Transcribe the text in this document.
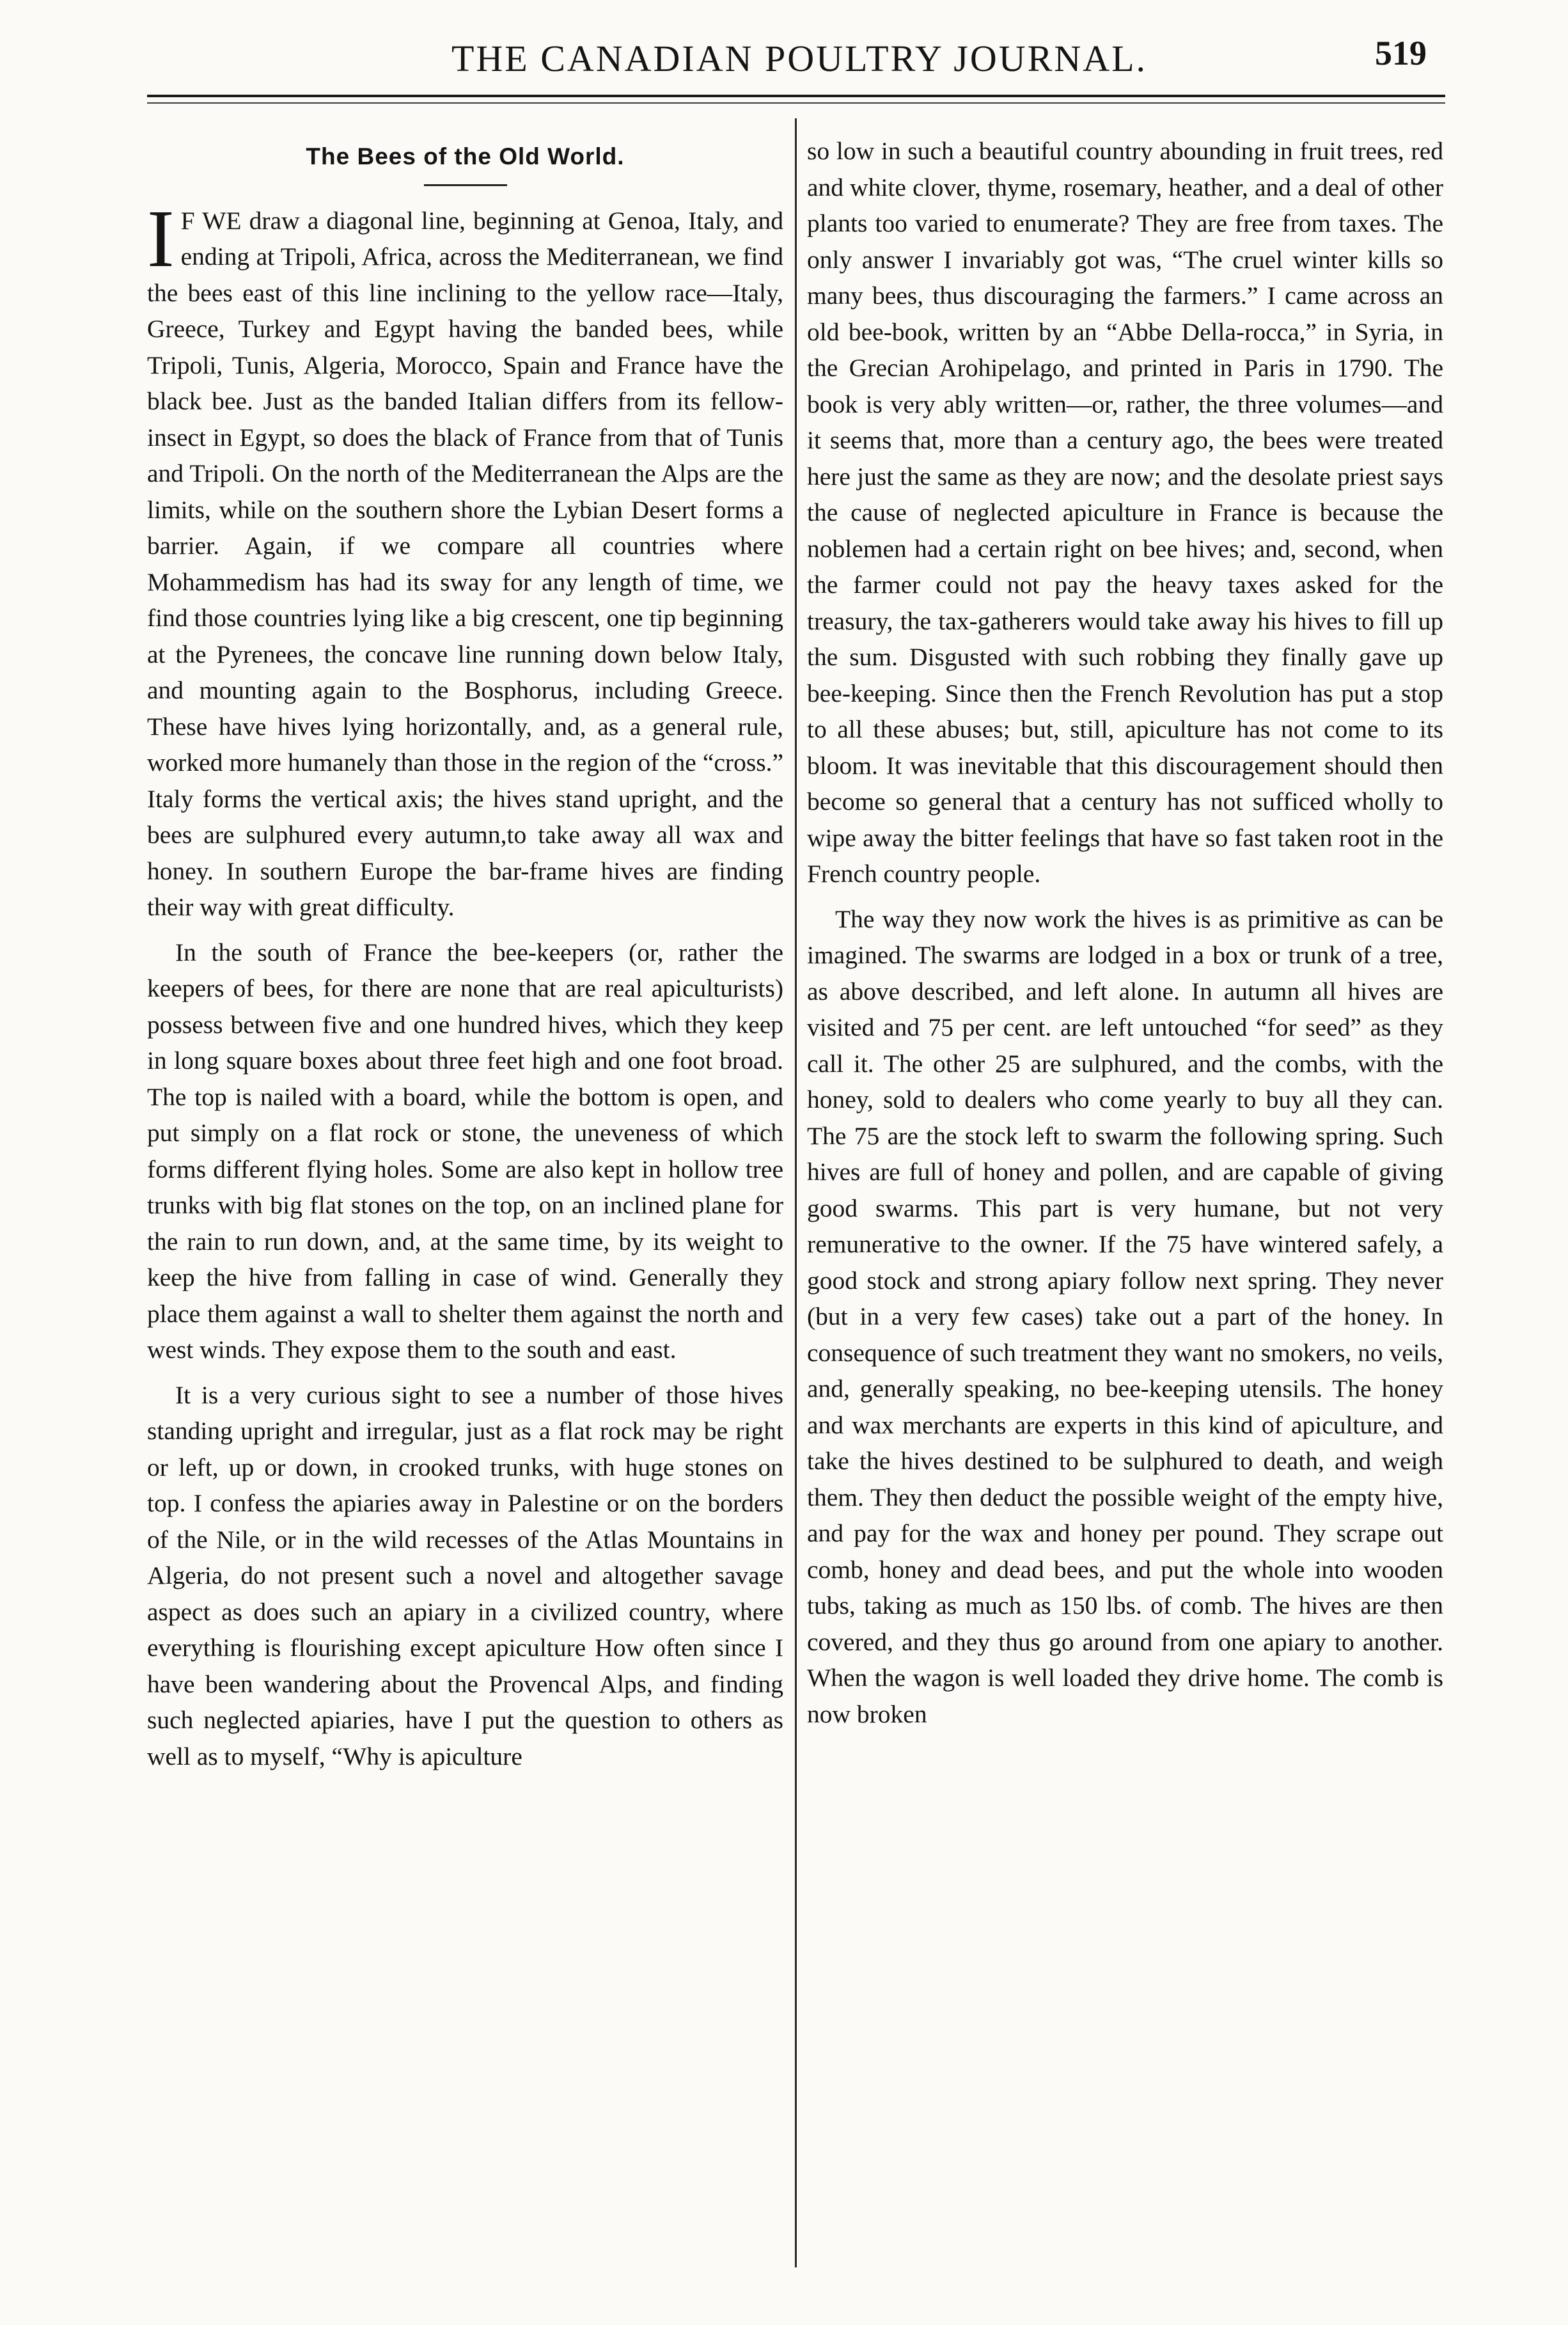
THE CANADIAN POULTRY JOURNAL.	519
The Bees of the Old World.

IF WE draw a diagonal line, beginning at Genoa, Italy, and ending at Tripoli, Africa, across the Mediterranean, we find the bees east of this line inclining to the yellow race—Italy, Greece, Turkey and Egypt having the banded bees, while Tripoli, Tunis, Algeria, Morocco, Spain and France have the black bee. Just as the banded Italian differs from its fellow-insect in Egypt, so does the black of France from that of Tunis and Tripoli. On the north of the Mediterranean the Alps are the limits, while on the southern shore the Lybian Desert forms a barrier. Again, if we compare all countries where Mohammedism has had its sway for any length of time, we find those countries lying like a big crescent, one tip beginning at the Pyrenees, the concave line running down below Italy, and mounting again to the Bosphorus, including Greece. These have hives lying horizontally, and, as a general rule, worked more humanely than those in the region of the “cross.” Italy forms the vertical axis; the hives stand upright, and the bees are sulphured every autumn,to take away all wax and honey. In southern Europe the bar-frame hives are finding their way with great difficulty.

In the south of France the bee-keepers (or, rather the keepers of bees, for there are none that are real apiculturists) possess between five and one hundred hives, which they keep in long square boxes about three feet high and one foot broad. The top is nailed with a board, while the bottom is open, and put simply on a flat rock or stone, the uneveness of which forms different flying holes. Some are also kept in hollow tree trunks with big flat stones on the top, on an inclined plane for the rain to run down, and, at the same time, by its weight to keep the hive from falling in case of wind. Generally they place them against a wall to shelter them against the north and west winds. They expose them to the south and east.

It is a very curious sight to see a number of those hives standing upright and irregular, just as a flat rock may be right or left, up or down, in crooked trunks, with huge stones on top. I confess the apiaries away in Palestine or on the borders of the Nile, or in the wild recesses of the Atlas Mountains in Algeria, do not present such a novel and altogether savage aspect as does such an apiary in a civilized country, where everything is flourishing except apiculture How often since I have been wandering about the Provencal Alps, and finding such neglected apiaries, have I put the question to others as well as to myself, “Why is apiculture

so low in such a beautiful country abounding in fruit trees, red and white clover, thyme, rosemary, heather, and a deal of other plants too varied to enumerate? They are free from taxes. The only answer I invariably got was, “The cruel winter kills so many bees, thus discouraging the farmers.” I came across an old bee-book, written by an “Abbe Della-rocca,” in Syria, in the Grecian Arohipelago, and printed in Paris in 1790. The book is very ably written—or, rather, the three volumes—and it seems that, more than a century ago, the bees were treated here just the same as they are now; and the desolate priest says the cause of neglected apiculture in France is because the noblemen had a certain right on bee hives; and, second, when the farmer could not pay the heavy taxes asked for the treasury, the tax-gatherers would take away his hives to fill up the sum. Disgusted with such robbing they finally gave up bee-keeping. Since then the French Revolution has put a stop to all these abuses; but, still, apiculture has not come to its bloom. It was inevitable that this discouragement should then become so general that a century has not sufficed wholly to wipe away the bitter feelings that have so fast taken root in the French country people.

The way they now work the hives is as primitive as can be imagined. The swarms are lodged in a box or trunk of a tree, as above described, and left alone. In autumn all hives are visited and 75 per cent. are left untouched “for seed” as they call it. The other 25 are sulphured, and the combs, with the honey, sold to dealers who come yearly to buy all they can. The 75 are the stock left to swarm the following spring. Such hives are full of honey and pollen, and are capable of giving good swarms. This part is very humane, but not very remunerative to the owner. If the 75 have wintered safely, a good stock and strong apiary follow next spring. They never (but in a very few cases) take out a part of the honey. In consequence of such treatment they want no smokers, no veils, and, generally speaking, no bee-keeping utensils. The honey and wax merchants are experts in this kind of apiculture, and take the hives destined to be sulphured to death, and weigh them. They then deduct the possible weight of the empty hive, and pay for the wax and honey per pound. They scrape out comb, honey and dead bees, and put the whole into wooden tubs, taking as much as 150 lbs. of comb. The hives are then covered, and they thus go around from one apiary to another. When the wagon is well loaded they drive home. The comb is now broken
